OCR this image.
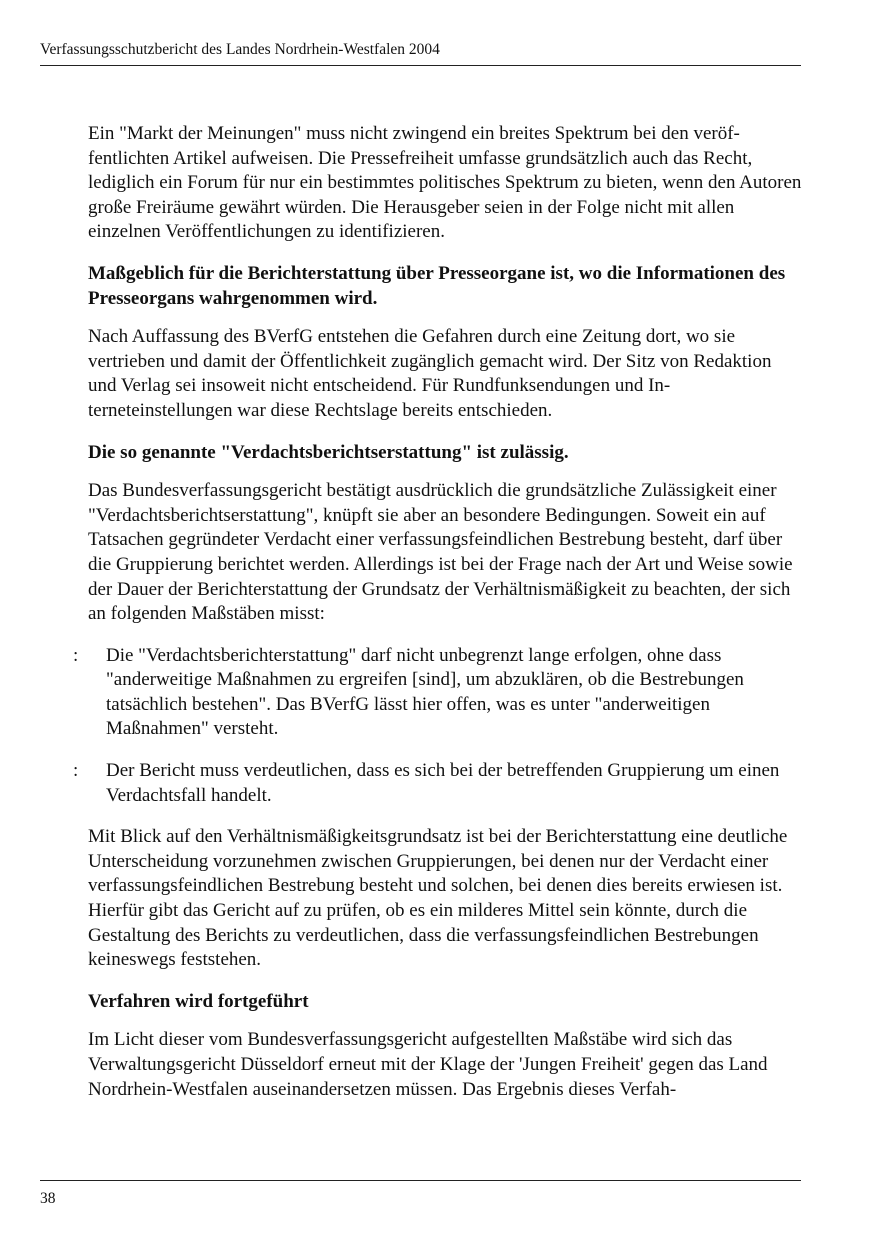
Verfassungsschutzbericht des Landes Nordrhein-Westfalen 2004

Ein "Markt der Meinungen" muss nicht zwingend ein breites Spektrum bei den veröffentlichten Artikel aufweisen. Die Pressefreiheit umfasse grundsätzlich auch das Recht, lediglich ein Forum für nur ein bestimmtes politisches Spektrum zu bieten, wenn den Autoren große Freiräume gewährt würden. Die Herausgeber seien in der Folge nicht mit allen einzelnen Veröffentlichungen zu identifizieren.

Maßgeblich für die Berichterstattung über Presseorgane ist, wo die Informationen des Presseorgans wahrgenommen wird.

Nach Auffassung des BVerfG entstehen die Gefahren durch eine Zeitung dort, wo sie vertrieben und damit der Öffentlichkeit zugänglich gemacht wird. Der Sitz von Redaktion und Verlag sei insoweit nicht entscheidend. Für Rundfunksendungen und Interneteinstellungen war diese Rechtslage bereits entschieden.

Die so genannte "Verdachtsberichtserstattung" ist zulässig.

Das Bundesverfassungsgericht bestätigt ausdrücklich die grundsätzliche Zulässigkeit einer "Verdachtsberichtserstattung", knüpft sie aber an besondere Bedingungen. Soweit ein auf Tatsachen gegründeter Verdacht einer verfassungsfeindlichen Bestrebung besteht, darf über die Gruppierung berichtet werden. Allerdings ist bei der Frage nach der Art und Weise sowie der Dauer der Berichterstattung der Grundsatz der Verhältnismäßigkeit zu beachten, der sich an folgenden Maßstäben misst:

: Die "Verdachtsberichterstattung" darf nicht unbegrenzt lange erfolgen, ohne dass "anderweitige Maßnahmen zu ergreifen [sind], um abzuklären, ob die Bestrebungen tatsächlich bestehen". Das BVerfG lässt hier offen, was es unter "anderweitigen Maßnahmen" versteht.
: Der Bericht muss verdeutlichen, dass es sich bei der betreffenden Gruppierung um einen Verdachtsfall handelt.

Mit Blick auf den Verhältnismäßigkeitsgrundsatz ist bei der Berichterstattung eine deutliche Unterscheidung vorzunehmen zwischen Gruppierungen, bei denen nur der Verdacht einer verfassungsfeindlichen Bestrebung besteht und solchen, bei denen dies bereits erwiesen ist. Hierfür gibt das Gericht auf zu prüfen, ob es ein milderes Mittel sein könnte, durch die Gestaltung des Berichts zu verdeutlichen, dass die verfassungsfeindlichen Bestrebungen keineswegs feststehen.

Verfahren wird fortgeführt

Im Licht dieser vom Bundesverfassungsgericht aufgestellten Maßstäbe wird sich das Verwaltungsgericht Düsseldorf erneut mit der Klage der 'Jungen Freiheit' gegen das Land Nordrhein-Westfalen auseinandersetzen müssen. Das Ergebnis dieses Verfah-

38
